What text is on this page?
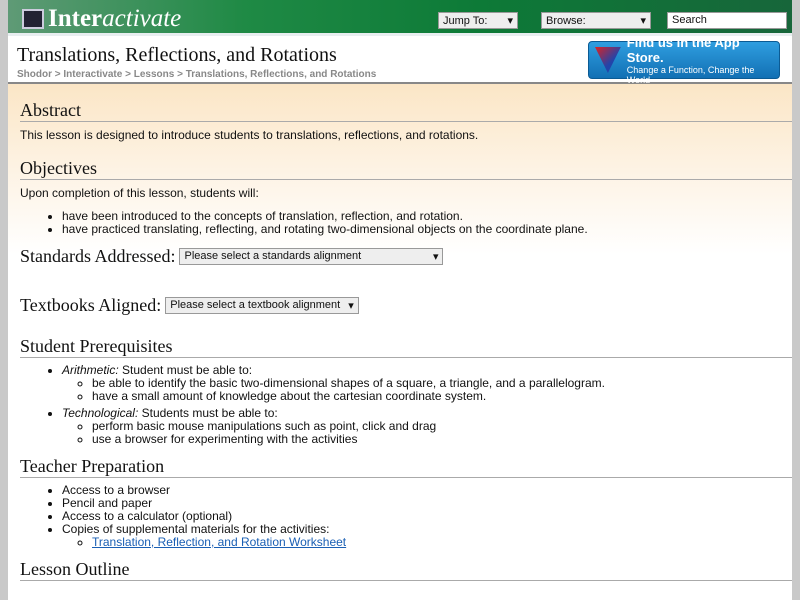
Inter activate	Jump To: ▾	Browse:	▾	Search
Translations, Reflections, and Rotations
Shodor > Interactivate > Lessons > Translations, Reflections, and Rotations
Find us in the App Store.
Change a Function, Change the World
Abstract

This lesson is designed to introduce students to translations, reflections, and rotations.

Objectives

Upon completion of this lesson, students will:

• have been introduced to the concepts of translation, reflection, and rotation.
• have practiced translating, reflecting, and rotating two-dimensional objects on the coordinate plane.
Standards Addressed: Please select a standards alignment	▾
Textbooks Aligned: Please select a textbook alignment ▾
Student Prerequisites
• Arithmetic: Student must be able to:
◦ be able to identify the basic two-dimensional shapes of a square, a triangle, and a parallelogram.
◦ have a small amount of knowledge about the cartesian coordinate system.
• Technological: Students must be able to:
◦ perform basic mouse manipulations such as point, click and drag
◦ use a browser for experimenting with the activities
Teacher Preparation
• Access to a browser
• Pencil and paper
• Access to a calculator (optional)
• Copies of supplemental materials for the activities:
◦ Translation, Reflection, and Rotation Worksheet
Lesson Outline
